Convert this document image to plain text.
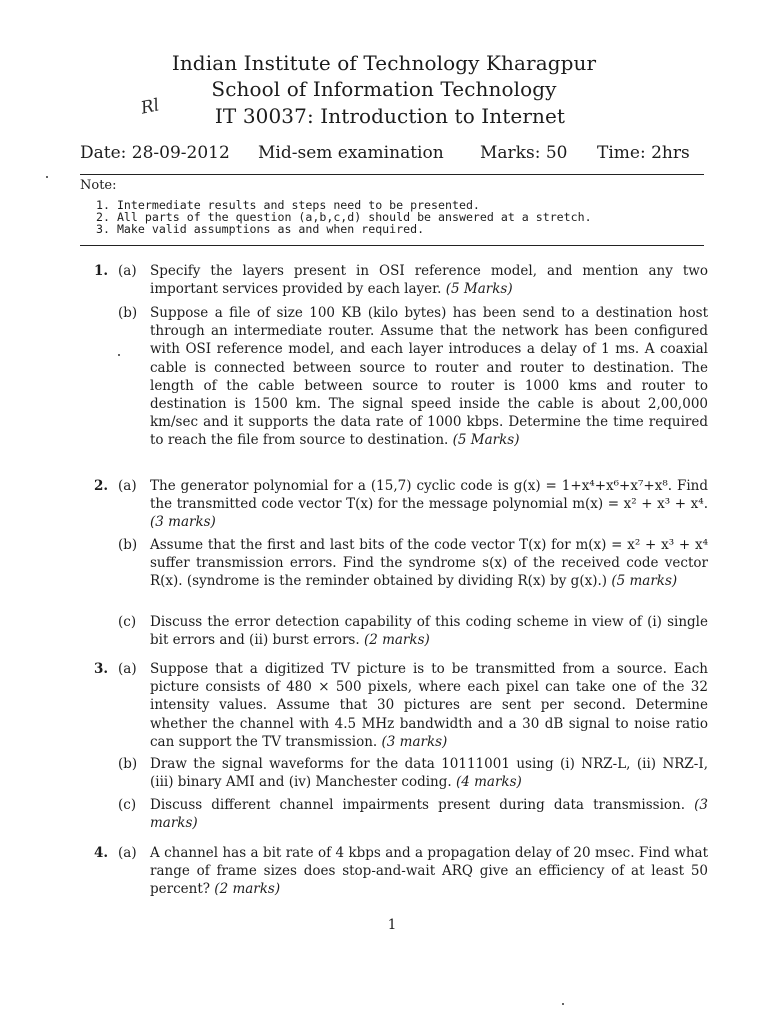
Indian Institute of Technology Kharagpur
School of Information Technology
IT 30037: Introduction to Internet
Rl
Date: 28-09-2012 Mid-sem examination Marks: 50 Time: 2hrs
Note:
1. Intermediate results and steps need to be presented.
2. All parts of the question (a,b,c,d) should be answered at a stretch.
3. Make valid assumptions as and when required.
1. (a) Specify the layers present in OSI reference model, and mention any two important services provided by each layer. (5 Marks)
(b) Suppose a file of size 100 KB (kilo bytes) has been send to a destination host through an intermediate router. Assume that the network has been configured with OSI reference model, and each layer introduces a delay of 1 ms. A coaxial cable is connected between source to router and router to destination. The length of the cable between source to router is 1000 kms and router to destination is 1500 km. The signal speed inside the cable is about 2,00,000 km/sec and it supports the data rate of 1000 kbps. Determine the time required to reach the file from source to destination. (5 Marks)
2. (a) The generator polynomial for a (15,7) cyclic code is g(x) = 1+x⁴+x⁶+x⁷+x⁸. Find the transmitted code vector T(x) for the message polynomial m(x) = x² + x³ + x⁴. (3 marks)
(b) Assume that the first and last bits of the code vector T(x) for m(x) = x² + x³ + x⁴ suffer transmission errors. Find the syndrome s(x) of the received code vector R(x). (syndrome is the reminder obtained by dividing R(x) by g(x).) (5 marks)
(c) Discuss the error detection capability of this coding scheme in view of (i) single bit errors and (ii) burst errors. (2 marks)
3. (a) Suppose that a digitized TV picture is to be transmitted from a source. Each picture consists of 480 × 500 pixels, where each pixel can take one of the 32 intensity values. Assume that 30 pictures are sent per second. Determine whether the channel with 4.5 MHz bandwidth and a 30 dB signal to noise ratio can support the TV transmission. (3 marks)
(b) Draw the signal waveforms for the data 10111001 using (i) NRZ-L, (ii) NRZ-I, (iii) binary AMI and (iv) Manchester coding. (4 marks)
(c) Discuss different channel impairments present during data transmission. (3 marks)
4. (a) A channel has a bit rate of 4 kbps and a propagation delay of 20 msec. Find what range of frame sizes does stop-and-wait ARQ give an efficiency of at least 50 percent? (2 marks)
1
